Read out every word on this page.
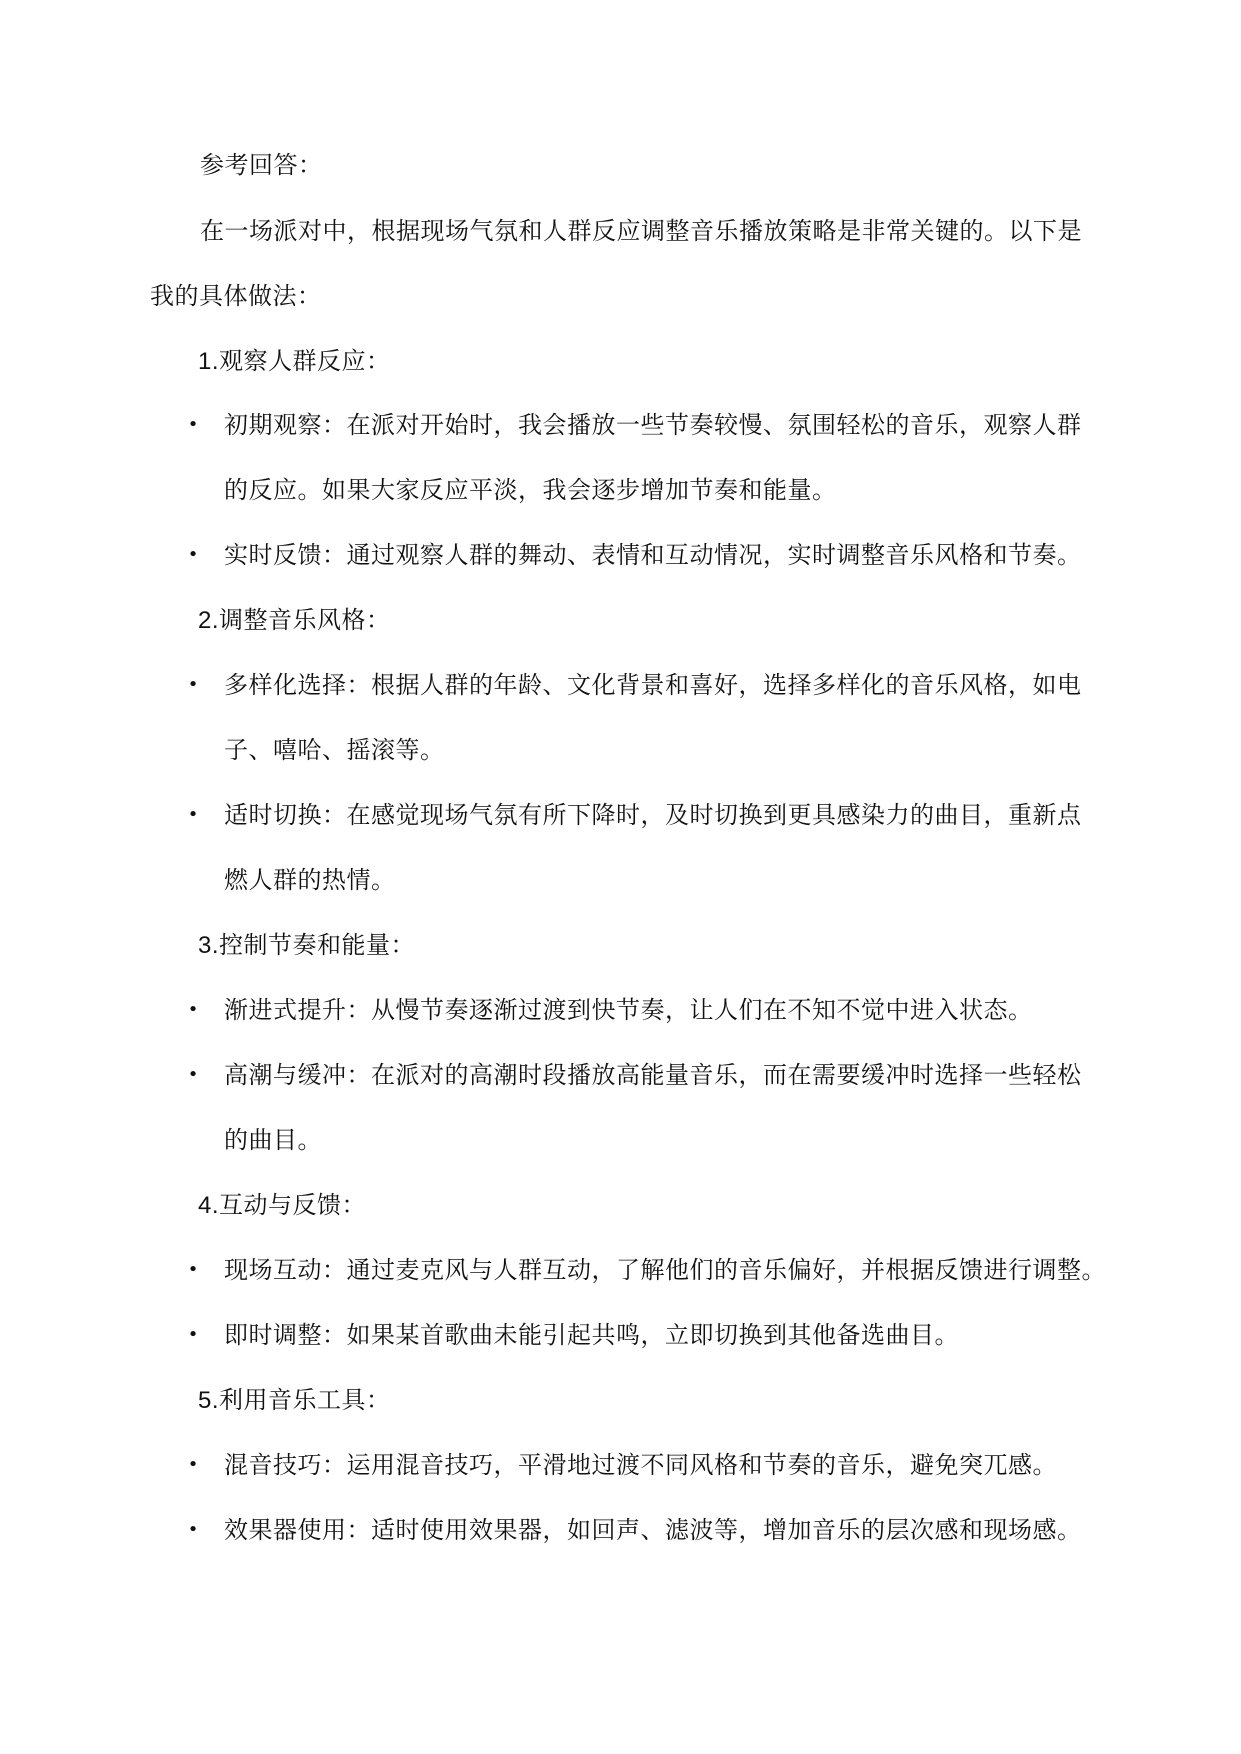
参考回答：
在一场派对中，根据现场气氛和人群反应调整音乐播放策略是非常关键的。以下是
我的具体做法：
1.观察人群反应：
• 初期观察：在派对开始时，我会播放一些节奏较慢、氛围轻松的音乐，观察人群
的反应。如果大家反应平淡，我会逐步增加节奏和能量。
• 实时反馈：通过观察人群的舞动、表情和互动情况，实时调整音乐风格和节奏。
2.调整音乐风格：
• 多样化选择：根据人群的年龄、文化背景和喜好，选择多样化的音乐风格，如电
子、嘻哈、摇滚等。
• 适时切换：在感觉现场气氛有所下降时，及时切换到更具感染力的曲目，重新点
燃人群的热情。
3.控制节奏和能量：
• 渐进式提升：从慢节奏逐渐过渡到快节奏，让人们在不知不觉中进入状态。
• 高潮与缓冲：在派对的高潮时段播放高能量音乐，而在需要缓冲时选择一些轻松
的曲目。
4.互动与反馈：
• 现场互动：通过麦克风与人群互动，了解他们的音乐偏好，并根据反馈进行调整。
• 即时调整：如果某首歌曲未能引起共鸣，立即切换到其他备选曲目。
5.利用音乐工具：
• 混音技巧：运用混音技巧，平滑地过渡不同风格和节奏的音乐，避免突兀感。
• 效果器使用：适时使用效果器，如回声、滤波等，增加音乐的层次感和现场感。
